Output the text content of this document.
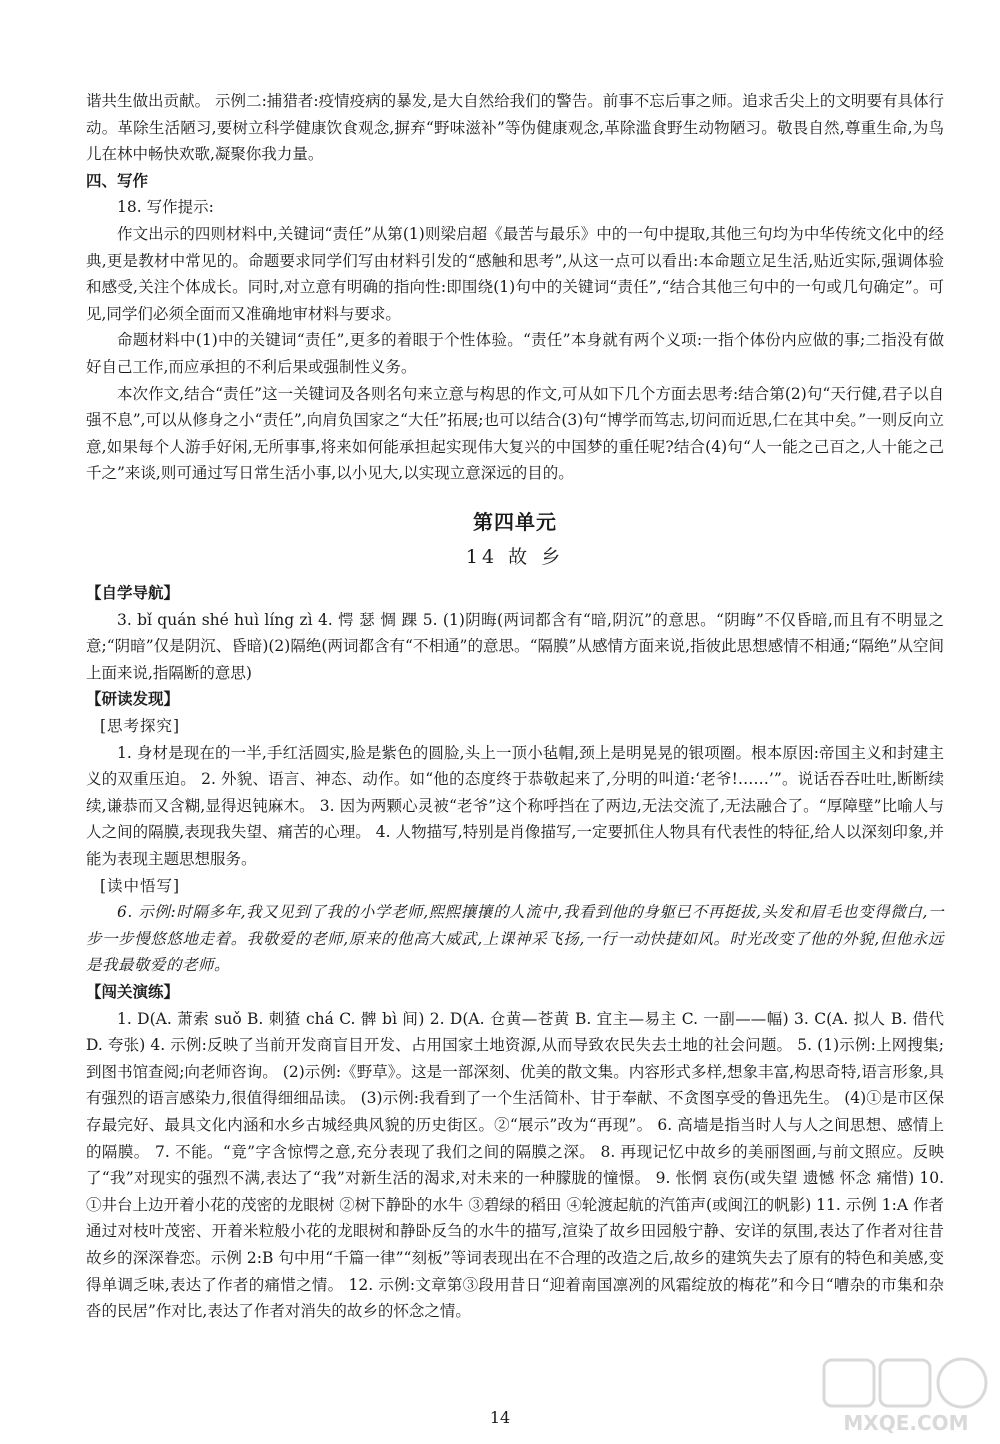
谐共生做出贡献。 示例二:捕猎者:疫情疫病的暴发,是大自然给我们的警告。前事不忘后事之师。追求舌尖上的文明要有具体行动。革除生活陋习,要树立科学健康饮食观念,摒弃“野味滋补”等伪健康观念,革除滥食野生动物陋习。敬畏自然,尊重生命,为鸟儿在林中畅快欢歌,凝聚你我力量。

四、写作

18. 写作提示:

作文出示的四则材料中,关键词“责任”从第(1)则梁启超《最苦与最乐》中的一句中提取,其他三句均为中华传统文化中的经典,更是教材中常见的。命题要求同学们写由材料引发的“感触和思考”,从这一点可以看出:本命题立足生活,贴近实际,强调体验和感受,关注个体成长。同时,对立意有明确的指向性:即围绕(1)句中的关键词“责任”,“结合其他三句中的一句或几句确定”。可见,同学们必须全面而又准确地审材料与要求。

命题材料中(1)中的关键词“责任”,更多的着眼于个性体验。“责任”本身就有两个义项:一指个体份内应做的事;二指没有做好自己工作,而应承担的不利后果或强制性义务。

本次作文,结合“责任”这一关键词及各则名句来立意与构思的作文,可从如下几个方面去思考:结合第(2)句“天行健,君子以自强不息”,可以从修身之小“责任”,向肩负国家之“大任”拓展;也可以结合(3)句“博学而笃志,切问而近思,仁在其中矣。”一则反向立意,如果每个人游手好闲,无所事事,将来如何能承担起实现伟大复兴的中国梦的重任呢?结合(4)句“人一能之己百之,人十能之己千之”来谈,则可通过写日常生活小事,以小见大,以实现立意深远的目的。

第四单元
14 故 乡

【自学导航】

3. bǐ quán shé huì líng zì 4. 愕 瑟 惆 踝 5. (1)阴晦(两词都含有“暗,阴沉”的意思。“阴晦”不仅昏暗,而且有不明显之意;“阴暗”仅是阴沉、昏暗)(2)隔绝(两词都含有“不相通”的意思。“隔膜”从感情方面来说,指彼此思想感情不相通;“隔绝”从空间上面来说,指隔断的意思)

【研读发现】

[思考探究]

1. 身材是现在的一半,手红活圆实,脸是紫色的圆脸,头上一顶小毡帽,颈上是明晃晃的银项圈。根本原因:帝国主义和封建主义的双重压迫。 2. 外貌、语言、神态、动作。如“他的态度终于恭敬起来了,分明的叫道:‘老爷!……’”。说话吞吞吐吐,断断续续,谦恭而又含糊,显得迟钝麻木。 3. 因为两颗心灵被“老爷”这个称呼挡在了两边,无法交流了,无法融合了。“厚障壁”比喻人与人之间的隔膜,表现我失望、痛苦的心理。 4. 人物描写,特别是肖像描写,一定要抓住人物具有代表性的特征,给人以深刻印象,并能为表现主题思想服务。

[读中悟写]

6. 示例:时隔多年,我又见到了我的小学老师,熙熙攘攘的人流中,我看到他的身躯已不再挺拔,头发和眉毛也变得微白,一步一步慢悠悠地走着。我敬爱的老师,原来的他高大威武,上课神采飞扬,一行一动快捷如风。时光改变了他的外貌,但他永远是我最敬爱的老师。

【闯关演练】

1. D(A. 萧索 suǒ B. 刺猹 chá C. 髀 bì 间) 2. D(A. 仓黄—苍黄 B. 宜主—易主 C. 一副——幅) 3. C(A. 拟人 B. 借代 D. 夸张) 4. 示例:反映了当前开发商盲目开发、占用国家土地资源,从而导致农民失去土地的社会问题。 5. (1)示例:上网搜集;到图书馆查阅;向老师咨询。 (2)示例:《野草》。这是一部深刻、优美的散文集。内容形式多样,想象丰富,构思奇特,语言形象,具有强烈的语言感染力,很值得细细品读。 (3)示例:我看到了一个生活简朴、甘于奉献、不贪图享受的鲁迅先生。 (4)①是市区保存最完好、最具文化内涵和水乡古城经典风貌的历史街区。②“展示”改为“再现”。 6. 高墙是指当时人与人之间思想、感情上的隔膜。 7. 不能。“竟”字含惊愕之意,充分表现了我们之间的隔膜之深。 8. 再现记忆中故乡的美丽图画,与前文照应。反映了“我”对现实的强烈不满,表达了“我”对新生活的渴求,对未来的一种朦胧的憧憬。 9. 怅惘 哀伤(或失望 遗憾 怀念 痛惜) 10. ①井台上边开着小花的茂密的龙眼树 ②树下静卧的水牛 ③碧绿的稻田 ④轮渡起航的汽笛声(或闽江的帆影) 11. 示例 1:A 作者通过对枝叶茂密、开着米粒般小花的龙眼树和静卧反刍的水牛的描写,渲染了故乡田园般宁静、安详的氛围,表达了作者对往昔故乡的深深眷恋。示例 2:B 句中用“千篇一律”“刻板”等词表现出在不合理的改造之后,故乡的建筑失去了原有的特色和美感,变得单调乏味,表达了作者的痛惜之情。 12. 示例:文章第③段用昔日“迎着南国凛冽的风霜绽放的梅花”和今日“嘈杂的市集和杂沓的民居”作对比,表达了作者对消失的故乡的怀念之情。

14	MXQE.COM
